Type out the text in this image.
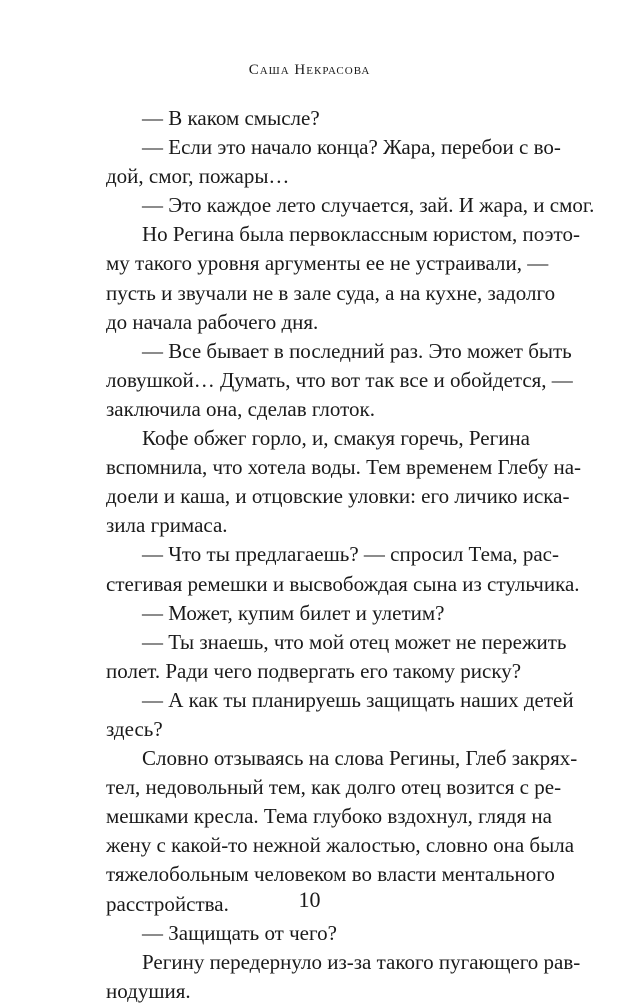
Саша Некрасова
— В каком смысле?
— Если это начало конца? Жара, перебои с во-
дой, смог, пожары…
— Это каждое лето случается, зай. И жара, и смог.
Но Регина была первоклассным юристом, поэто-
му такого уровня аргументы ее не устраивали, —
пусть и звучали не в зале суда, а на кухне, задолго
до начала рабочего дня.
— Все бывает в последний раз. Это может быть
ловушкой… Думать, что вот так все и обойдется, —
заключила она, сделав глоток.
Кофе обжег горло, и, смакуя горечь, Регина
вспомнила, что хотела воды. Тем временем Глебу на-
доели и каша, и отцовские уловки: его личико иска-
зила гримаса.
— Что ты предлагаешь? — спросил Тема, рас-
стегивая ремешки и высвобождая сына из стульчика.
— Может, купим билет и улетим?
— Ты знаешь, что мой отец может не пережить
полет. Ради чего подвергать его такому риску?
— А как ты планируешь защищать наших детей
здесь?
Словно отзываясь на слова Регины, Глеб закрях-
тел, недовольный тем, как долго отец возится с ре-
мешками кресла. Тема глубоко вздохнул, глядя на
жену с какой-то нежной жалостью, словно она была
тяжелобольным человеком во власти ментального
расстройства.
— Защищать от чего?
Регину передернуло из-за такого пугающего рав-
нодушия.
10
